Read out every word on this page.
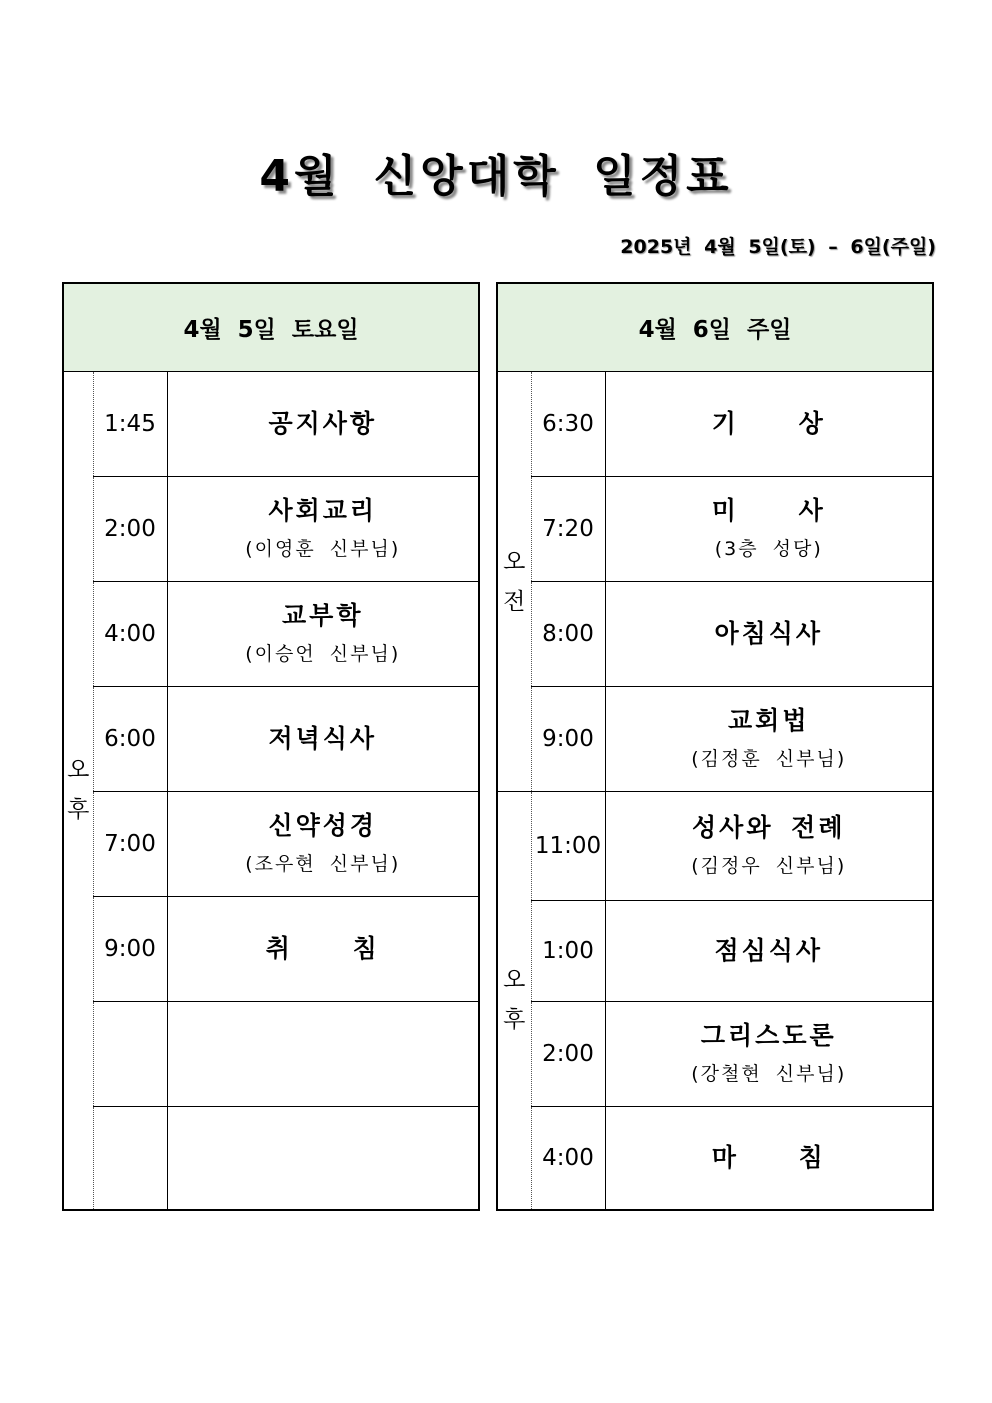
4월 신앙대학 일정표
2025년 4월 5일(토) – 6일(주일)
4월 5일 토요일		

오
후	1:45	공지사항

	2:00	사회교리
(이영훈 신부님)

	4:00	교부학
(이승언 신부님)

	6:00	저녁식사

	7:00	신약성경
(조우현 신부님)

	9:00	취 침

4월 6일 주일		

오
전	6:30	기 상

	7:20	미 사
(3층 성당)

	8:00	아침식사

	9:00	교회법
(김정훈 신부님)

오
후	11:00	성사와 전례
(김정우 신부님)

	1:00	점심식사

	2:00	그리스도론
(강철현 신부님)

	4:00	마 침
